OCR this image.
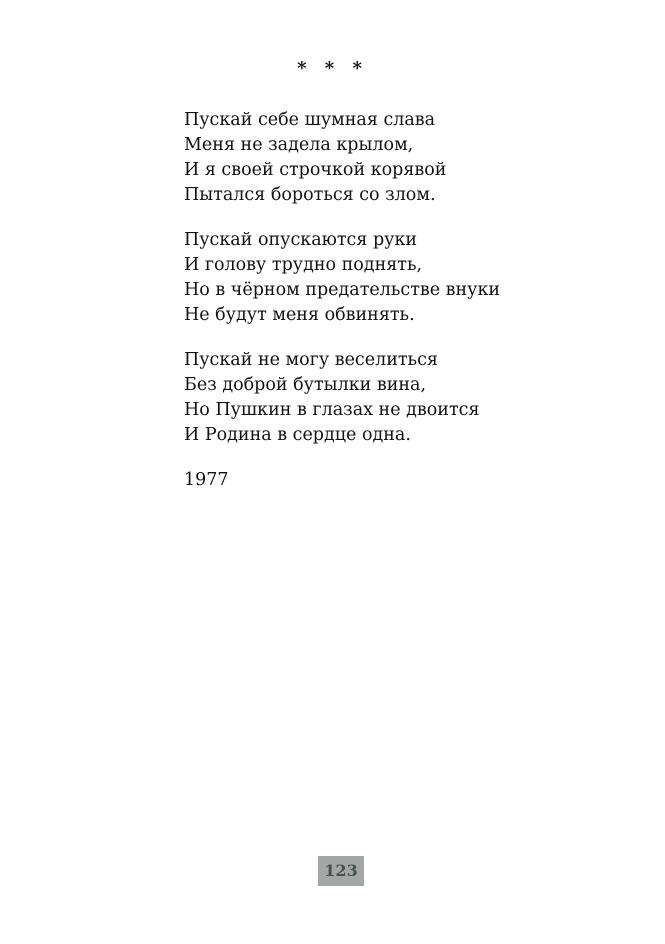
* * *
Пускай себе шумная слава
Меня не задела крылом,
И я своей строчкой корявой
Пытался бороться со злом.
Пускай опускаются руки
И голову трудно поднять,
Но в чёрном предательстве внуки
Не будут меня обвинять.
Пускай не могу веселиться
Без доброй бутылки вина,
Но Пушкин в глазах не двоится
И Родина в сердце одна.
1977
123
